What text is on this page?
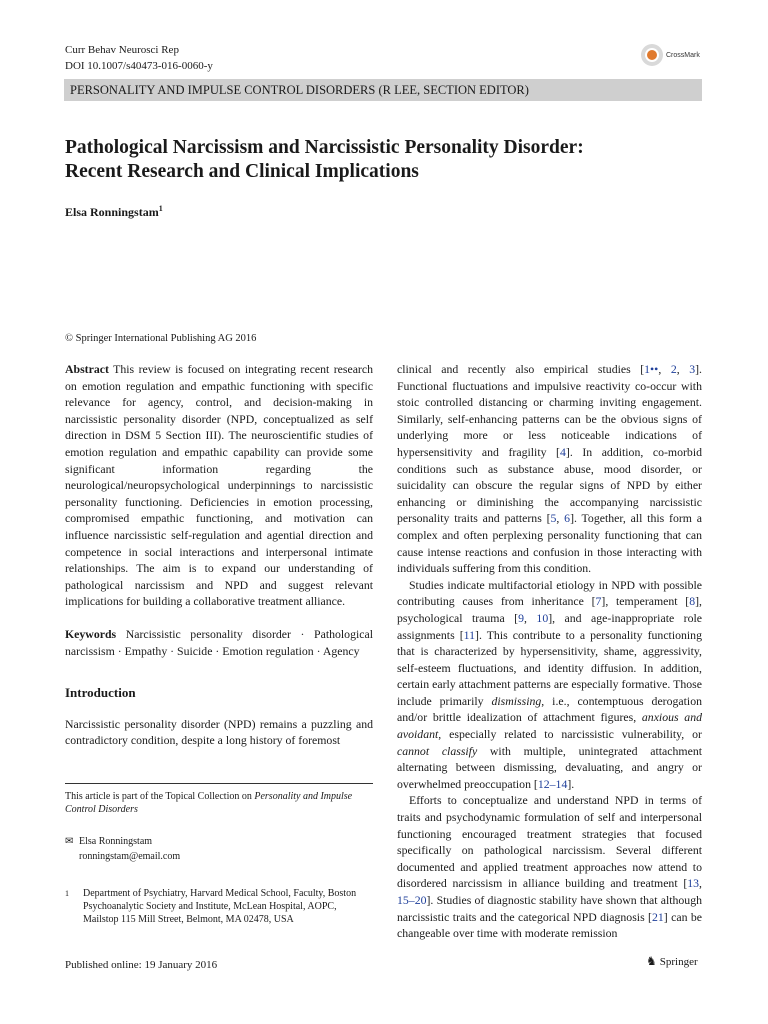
Curr Behav Neurosci Rep
DOI 10.1007/s40473-016-0060-y
CrossMark
PERSONALITY AND IMPULSE CONTROL DISORDERS (R LEE, SECTION EDITOR)
Pathological Narcissism and Narcissistic Personality Disorder:
Recent Research and Clinical Implications
Elsa Ronningstam$^1$
© Springer International Publishing AG 2016

Abstract This review is focused on integrating recent research on emotion regulation and empathic functioning with specific relevance for agency, control, and decision-making in narcissistic personality disorder (NPD, conceptualized as self direction in DSM 5 Section III). The neuroscientific studies of emotion regulation and empathic capability can provide some significant information regarding the neurological/neuropsychological underpinnings to narcissistic personality functioning. Deficiencies in emotion processing, compromised empathic functioning, and motivation can influence narcissistic self-regulation and agential direction and competence in social interactions and interpersonal intimate relationships. The aim is to expand our understanding of pathological narcissism and NPD and suggest relevant implications for building a collaborative treatment alliance.

Keywords Narcissistic personality disorder · Pathological narcissism · Empathy · Suicide · Emotion regulation · Agency

Introduction

Narcissistic personality disorder (NPD) remains a puzzling and contradictory condition, despite a long history of foremost

This article is part of the Topical Collection on Personality and Impulse Control Disorders
✉ Elsa Ronningstam
ronningstam@email.com
1 Department of Psychiatry, Harvard Medical School, Faculty, Boston Psychoanalytic Society and Institute, McLean Hospital, AOPC, Mailstop 115 Mill Street, Belmont, MA 02478, USA

clinical and recently also empirical studies [1••, 2, 3]. Functional fluctuations and impulsive reactivity co-occur with stoic controlled distancing or charming inviting engagement. Similarly, self-enhancing patterns can be the obvious signs of underlying more or less noticeable indications of hypersensitivity and fragility [4]. In addition, co-morbid conditions such as substance abuse, mood disorder, or suicidality can obscure the regular signs of NPD by either enhancing or diminishing the accompanying narcissistic personality traits and patterns [5, 6]. Together, all this form a complex and often perplexing personality functioning that can cause intense reactions and confusion in those interacting with individuals suffering from this condition.

Studies indicate multifactorial etiology in NPD with possible contributing causes from inheritance [7], temperament [8], psychological trauma [9, 10], and age-inappropriate role assignments [11]. This contribute to a personality functioning that is characterized by hypersensitivity, shame, aggressivity, self-esteem fluctuations, and identity diffusion. In addition, certain early attachment patterns are especially formative. Those include primarily dismissing, i.e., contemptuous derogation and/or brittle idealization of attachment figures, anxious and avoidant, especially related to narcissistic vulnerability, or cannot classify with multiple, unintegrated attachment alternating between dismissing, devaluating, and angry or overwhelmed preoccupation [12–14].

Efforts to conceptualize and understand NPD in terms of traits and psychodynamic formulation of self and interpersonal functioning encouraged treatment strategies that focused specifically on pathological narcissism. Several different documented and applied treatment approaches now attend to disordered narcissism in alliance building and treatment [13, 15–20]. Studies of diagnostic stability have shown that although narcissistic traits and the categorical NPD diagnosis [21] can be changeable over time with moderate remission

Published online: 19 January 2016	♞ Springer
